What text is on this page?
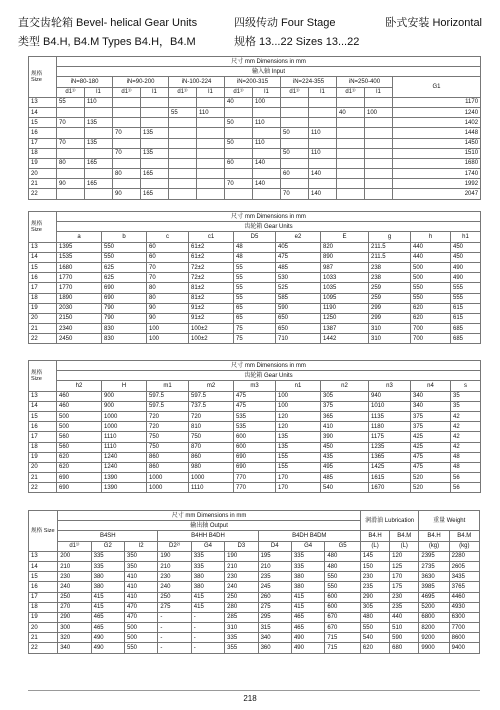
直交齿轮箱 Bevel- helical Gear Units	四级传动 Four Stage	卧式安装 Horizontal
类型 B4.H, B4.M Types B4.H，B4.M	规格 13...22 Sizes 13...22
规格 Size	尺寸 mm Dimensions in mm												
	输入轴 Input												
	iN=80-180		iN=90-200		iN-100-224		iN=200-315		iN=224-355		iN=250-400		G1
	d1¹⁾	l1	d1¹⁾	l1	d1¹⁾	l1	d1¹⁾	l1	d1¹⁾	l1	d1¹⁾	l1	
13	55	110					40	100					1170
14					55	110					40	100	1240
15	70	135					50	110					1402
16			70	135					50	110			1448
17	70	135					50	110					1450
18			70	135					50	110			1510
19	80	165					60	140					1680
20			80	165					60	140			1740
21	90	165					70	140					1992
22			90	165					70	140			2047
规格 Size	尺寸 mm Dimensions in mm									
	齿轮箱 Gear Units									
	a	b	c	c1	D5	e2	E	g	h	h1
13	1395	550	60	61±2	48	405	820	211.5	440	450
14	1535	550	60	61±2	48	475	890	211.5	440	450
15	1680	625	70	72±2	55	485	987	238	500	490
16	1770	625	70	72±2	55	530	1033	238	500	490
17	1770	690	80	81±2	55	525	1035	259	550	555
18	1890	690	80	81±2	55	585	1095	259	550	555
19	2030	790	90	91±2	65	590	1190	299	620	615
20	2150	790	90	91±2	65	650	1250	299	620	615
21	2340	830	100	100±2	75	650	1387	310	700	685
22	2450	830	100	100±2	75	710	1442	310	700	685
规格 Size	尺寸 mm Dimensions in mm									
	齿轮箱 Gear Units									
	h2	H	m1	m2	m3	n1	n2	n3	n4	s
13	460	900	597.5	597.5	475	100	305	940	340	35
14	460	900	597.5	737.5	475	100	375	1010	340	35
15	500	1000	720	720	535	120	365	1135	375	42
16	500	1000	720	810	535	120	410	1180	375	42
17	560	1110	750	750	600	135	390	1175	425	42
18	560	1110	750	870	600	135	450	1235	425	42
19	620	1240	860	860	690	155	435	1365	475	48
20	620	1240	860	980	690	155	495	1425	475	48
21	690	1390	1000	1000	770	170	485	1615	520	56
22	690	1390	1000	1110	770	170	540	1670	520	56
规格 Size	尺寸 mm Dimensions in mm									润滑油 Lubrication		重量 Weight	
	输出轴 Output												
	B4SH			B4HH B4DH			B4DH B4DM			B4.H	B4.M	B4.H	B4.M
	d1¹⁾	G2	l2	D2²⁾	G4	D3	D4	G4	G5	(L)	(L)	(kg)	(kg)
13	200	335	350	190	335	190	195	335	480	145	120	2395	2280
14	210	335	350	210	335	210	210	335	480	150	125	2735	2605
15	230	380	410	230	380	230	235	380	550	230	170	3630	3435
16	240	380	410	240	380	240	245	380	550	235	175	3985	3765
17	250	415	410	250	415	250	260	415	600	290	230	4695	4460
18	270	415	470	275	415	280	275	415	600	305	235	5200	4930
19	290	465	470	-	-	285	295	465	670	480	440	6800	6300
20	300	465	500	-	-	310	315	465	670	550	510	8200	7700
21	320	490	500	-	-	335	340	490	715	540	590	9200	8600
22	340	490	550	-	-	355	360	490	715	620	680	9900	9400
218
